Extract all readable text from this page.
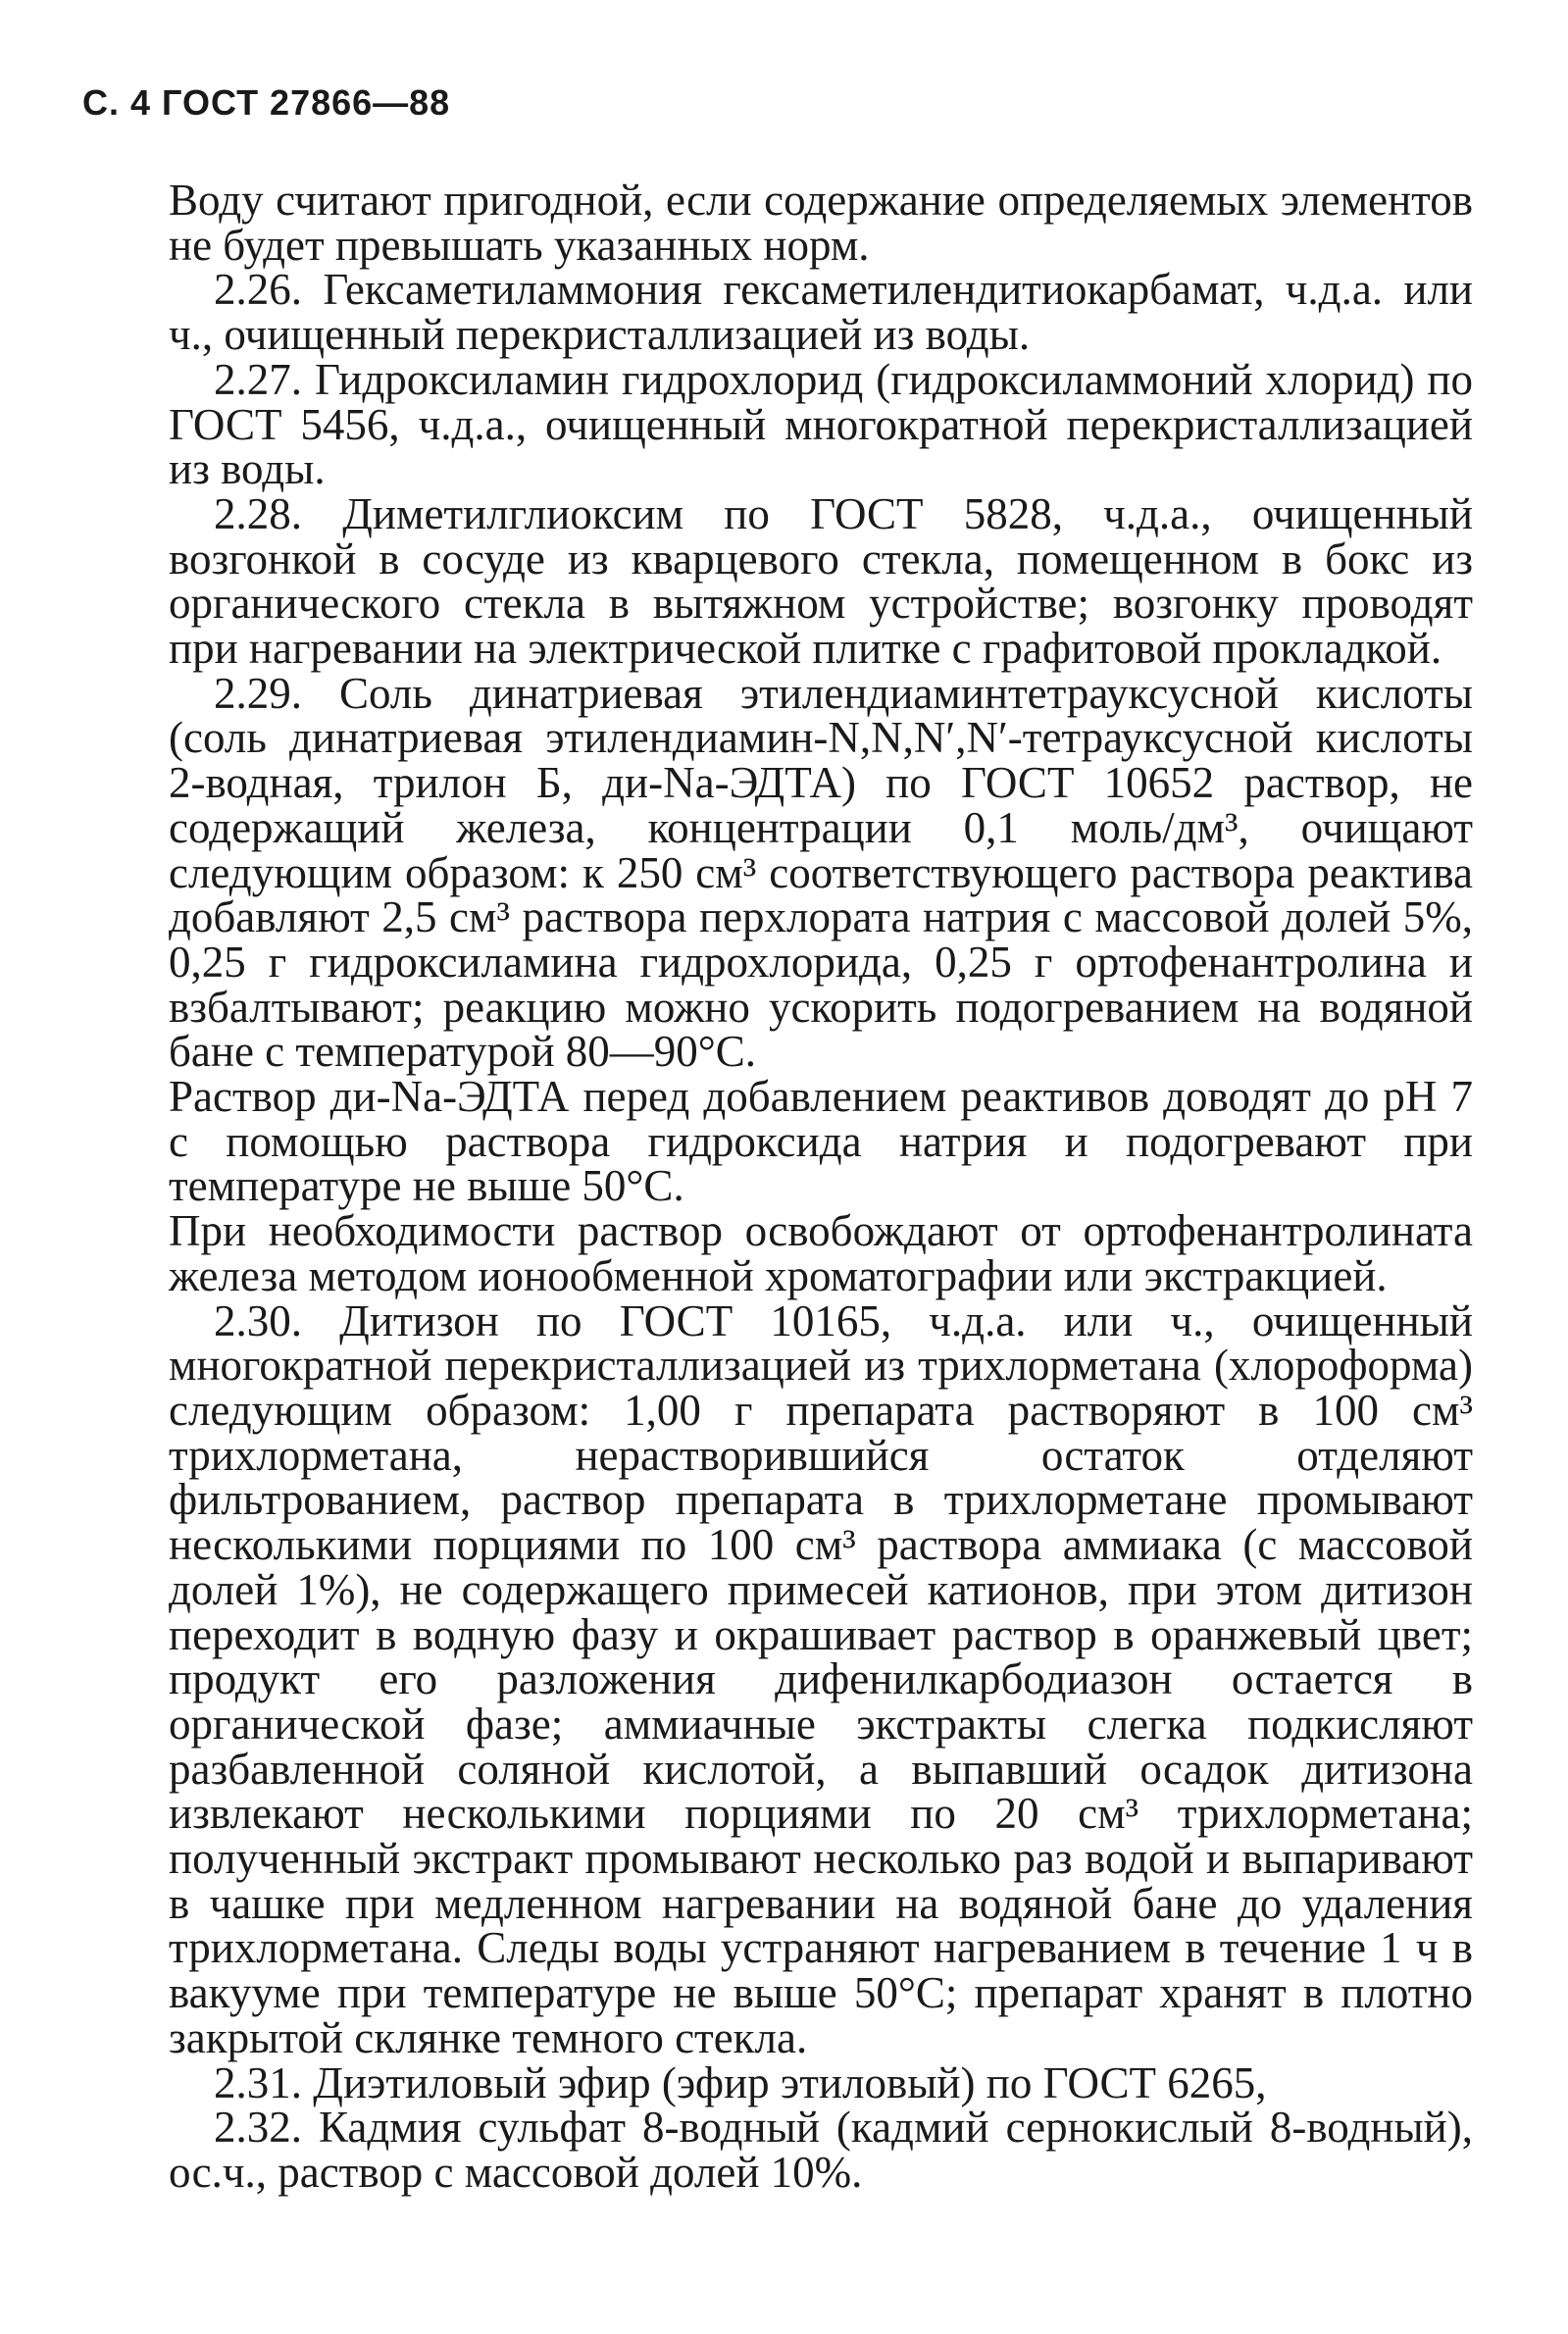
С. 4 ГОСТ 27866—88

Воду считают пригодной, если содержание определяемых элементов не будет превышать указанных норм.

2.26. Гексаметиламмония гексаметилендитиокарбамат, ч.д.а. или ч., очищенный перекристаллизацией из воды.

2.27. Гидроксиламин гидрохлорид (гидроксиламмоний хлорид) по ГОСТ 5456, ч.д.а., очищенный многократной перекристаллизацией из воды.

2.28. Диметилглиоксим по ГОСТ 5828, ч.д.а., очищенный возгонкой в сосуде из кварцевого стекла, помещенном в бокс из органического стекла в вытяжном устройстве; возгонку проводят при нагревании на электрической плитке с графитовой прокладкой.

2.29. Соль динатриевая этилендиаминтетрауксусной кислоты (соль динатриевая этилендиамин-N,N,N′,N′-тетрауксусной кислоты 2-водная, трилон Б, ди-Na-ЭДТА) по ГОСТ 10652 раствор, не содержащий железа, концентрации 0,1 моль/дм³, очищают следующим образом: к 250 см³ соответствующего раствора реактива добавляют 2,5 см³ раствора перхлората натрия с массовой долей 5%, 0,25 г гидроксиламина гидрохлорида, 0,25 г ортофенантролина и взбалтывают; реакцию можно ускорить подогреванием на водяной бане с температурой 80—90°С.

Раствор ди-Na-ЭДТА перед добавлением реактивов доводят до pH 7 с помощью раствора гидроксида натрия и подогревают при температуре не выше 50°С.

При необходимости раствор освобождают от ортофенантролината железа методом ионообменной хроматографии или экстракцией.

2.30. Дитизон по ГОСТ 10165, ч.д.а. или ч., очищенный многократной перекристаллизацией из трихлорметана (хлороформа) следующим образом: 1,00 г препарата растворяют в 100 см³ трихлорметана, нерастворившийся остаток отделяют фильтрованием, раствор препарата в трихлорметане промывают несколькими порциями по 100 см³ раствора аммиака (с массовой долей 1%), не содержащего примесей катионов, при этом дитизон переходит в водную фазу и окрашивает раствор в оранжевый цвет; продукт его разложения дифенилкарбодиазон остается в органической фазе; аммиачные экстракты слегка подкисляют разбавленной соляной кислотой, а выпавший осадок дитизона извлекают несколькими порциями по 20 см³ трихлорметана; полученный экстракт промывают несколько раз водой и выпаривают в чашке при медленном нагревании на водяной бане до удаления трихлорметана. Следы воды устраняют нагреванием в течение 1 ч в вакууме при температуре не выше 50°С; препарат хранят в плотно закрытой склянке темного стекла.

2.31. Диэтиловый эфир (эфир этиловый) по ГОСТ 6265,

2.32. Кадмия сульфат 8-водный (кадмий сернокислый 8-водный), ос.ч., раствор с массовой долей 10%.
